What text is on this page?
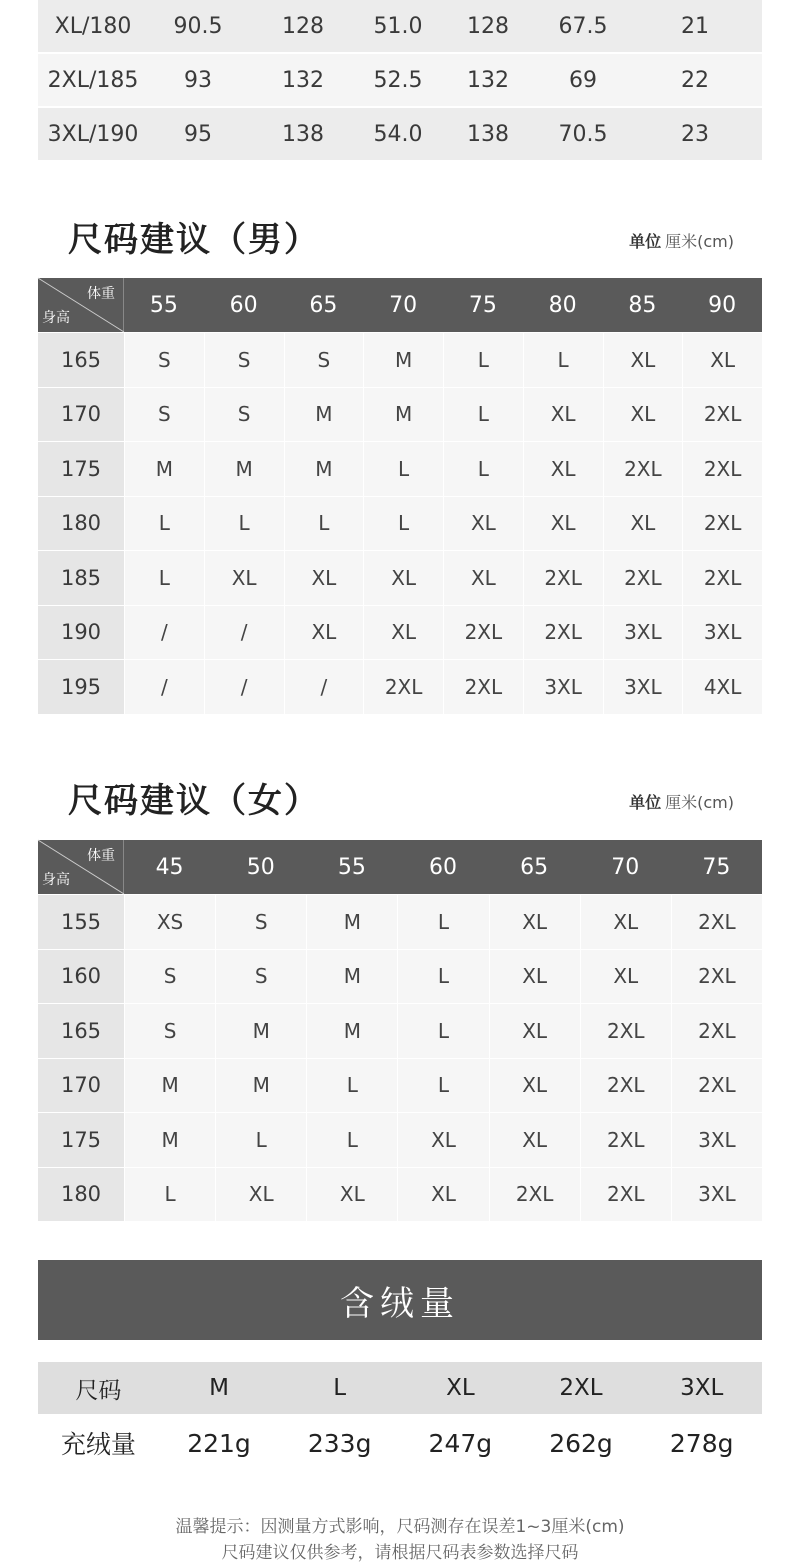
XL/180	90.5	128	51.0	128	67.5	21
2XL/185	93	132	52.5	132	69	22
3XL/190	95	138	54.0	138	70.5	23
尺码建议（男）	单位 厘米(cm)
体重
身高
55	60	65	70	75	80	85	90
165	S	S	S	M	L	L	XL	XL
170	S	S	M	M	L	XL	XL	2XL
175	M	M	M	L	L	XL	2XL	2XL
180	L	L	L	L	XL	XL	XL	2XL
185	L	XL	XL	XL	XL	2XL	2XL	2XL
190	/	/	XL	XL	2XL	2XL	3XL	3XL
195	/	/	/	2XL	2XL	3XL	3XL	4XL
尺码建议（女）	单位 厘米(cm)
体重
身高
45	50	55	60	65	70	75
155	XS	S	M	L	XL	XL	2XL
160	S	S	M	L	XL	XL	2XL
165	S	M	M	L	XL	2XL	2XL
170	M	M	L	L	XL	2XL	2XL
175	M	L	L	XL	XL	2XL	3XL
180	L	XL	XL	XL	2XL	2XL	3XL
含绒量
尺码	M	L	XL	2XL	3XL
充绒量	221g	233g	247g	262g	278g
温馨提示：因测量方式影响，尺码测存在误差1~3厘米(cm)
尺码建议仅供参考，请根据尺码表参数选择尺码
